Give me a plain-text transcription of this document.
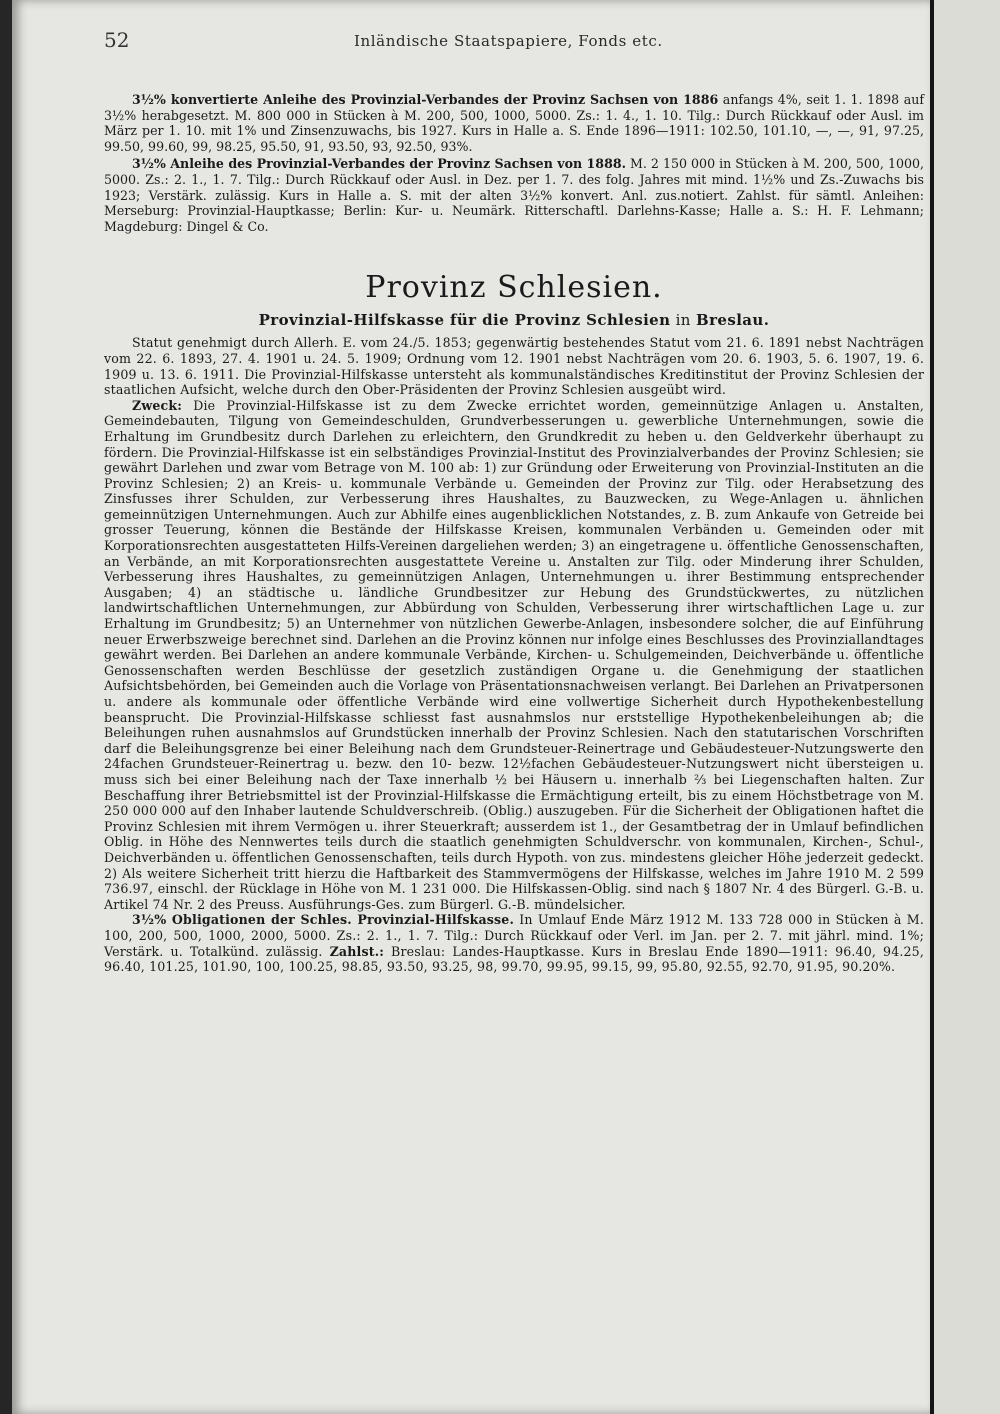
52	Inländische Staatspapiere, Fonds etc.

3½% konvertierte Anleihe des Provinzial-Verbandes der Provinz Sachsen von 1886 anfangs 4%, seit 1. 1. 1898 auf 3½% herabgesetzt. M. 800 000 in Stücken à M. 200, 500, 1000, 5000. Zs.: 1. 4., 1. 10. Tilg.: Durch Rückkauf oder Ausl. im März per 1. 10. mit 1% und Zinsenzuwachs, bis 1927. Kurs in Halle a. S. Ende 1896—1911: 102.50, 101.10, —, —, 91, 97.25, 99.50, 99.60, 99, 98.25, 95.50, 91, 93.50, 93, 92.50, 93%.

3½% Anleihe des Provinzial-Verbandes der Provinz Sachsen von 1888. M. 2 150 000 in Stücken à M. 200, 500, 1000, 5000. Zs.: 2. 1., 1. 7. Tilg.: Durch Rückkauf oder Ausl. in Dez. per 1. 7. des folg. Jahres mit mind. 1½% und Zs.-Zuwachs bis 1923; Verstärk. zulässig. Kurs in Halle a. S. mit der alten 3½% konvert. Anl. zus.notiert. Zahlst. für sämtl. Anleihen: Merseburg: Provinzial-Hauptkasse; Berlin: Kur- u. Neumärk. Ritterschaftl. Darlehns-Kasse; Halle a. S.: H. F. Lehmann; Magdeburg: Dingel & Co.

Provinz Schlesien.
Provinzial-Hilfskasse für die Provinz Schlesien in Breslau.

Statut genehmigt durch Allerh. E. vom 24./5. 1853; gegenwärtig bestehendes Statut vom 21. 6. 1891 nebst Nachträgen vom 22. 6. 1893, 27. 4. 1901 u. 24. 5. 1909; Ordnung vom 12. 1901 nebst Nachträgen vom 20. 6. 1903, 5. 6. 1907, 19. 6. 1909 u. 13. 6. 1911. Die Provinzial-Hilfskasse untersteht als kommunalständisches Kreditinstitut der Provinz Schlesien der staatlichen Aufsicht, welche durch den Ober-Präsidenten der Provinz Schlesien ausgeübt wird.

Zweck: Die Provinzial-Hilfskasse ist zu dem Zwecke errichtet worden, gemeinnützige Anlagen u. Anstalten, Gemeindebauten, Tilgung von Gemeindeschulden, Grundverbesserungen u. gewerbliche Unternehmungen, sowie die Erhaltung im Grundbesitz durch Darlehen zu erleichtern, den Grundkredit zu heben u. den Geldverkehr überhaupt zu fördern. Die Provinzial-Hilfskasse ist ein selbständiges Provinzial-Institut des Provinzialverbandes der Provinz Schlesien; sie gewährt Darlehen und zwar vom Betrage von M. 100 ab: 1) zur Gründung oder Erweiterung von Provinzial-Instituten an die Provinz Schlesien; 2) an Kreis- u. kommunale Verbände u. Gemeinden der Provinz zur Tilg. oder Herabsetzung des Zinsfusses ihrer Schulden, zur Verbesserung ihres Haushaltes, zu Bauzwecken, zu Wege-Anlagen u. ähnlichen gemeinnützigen Unternehmungen. Auch zur Abhilfe eines augenblicklichen Notstandes, z. B. zum Ankaufe von Getreide bei grosser Teuerung, können die Bestände der Hilfskasse Kreisen, kommunalen Verbänden u. Gemeinden oder mit Korporationsrechten ausgestatteten Hilfs-Vereinen dargeliehen werden; 3) an eingetragene u. öffentliche Genossenschaften, an Verbände, an mit Korporationsrechten ausgestattete Vereine u. Anstalten zur Tilg. oder Minderung ihrer Schulden, Verbesserung ihres Haushaltes, zu gemeinnützigen Anlagen, Unternehmungen u. ihrer Bestimmung entsprechender Ausgaben; 4) an städtische u. ländliche Grundbesitzer zur Hebung des Grundstückwertes, zu nützlichen landwirtschaftlichen Unternehmungen, zur Abbürdung von Schulden, Verbesserung ihrer wirtschaftlichen Lage u. zur Erhaltung im Grundbesitz; 5) an Unternehmer von nützlichen Gewerbe-Anlagen, insbesondere solcher, die auf Einführung neuer Erwerbszweige berechnet sind. Darlehen an die Provinz können nur infolge eines Beschlusses des Provinziallandtages gewährt werden. Bei Darlehen an andere kommunale Verbände, Kirchen- u. Schulgemeinden, Deichverbände u. öffentliche Genossenschaften werden Beschlüsse der gesetzlich zuständigen Organe u. die Genehmigung der staatlichen Aufsichtsbehörden, bei Gemeinden auch die Vorlage von Präsentationsnachweisen verlangt. Bei Darlehen an Privatpersonen u. andere als kommunale oder öffentliche Verbände wird eine vollwertige Sicherheit durch Hypothekenbestellung beansprucht. Die Provinzial-Hilfskasse schliesst fast ausnahmslos nur erststellige Hypothekenbeleihungen ab; die Beleihungen ruhen ausnahmslos auf Grundstücken innerhalb der Provinz Schlesien. Nach den statutarischen Vorschriften darf die Beleihungsgrenze bei einer Beleihung nach dem Grundsteuer-Reinertrage und Gebäudesteuer-Nutzungswerte den 24fachen Grundsteuer-Reinertrag u. bezw. den 10- bezw. 12½fachen Gebäudesteuer-Nutzungswert nicht übersteigen u. muss sich bei einer Beleihung nach der Taxe innerhalb ½ bei Häusern u. innerhalb ⅔ bei Liegenschaften halten. Zur Beschaffung ihrer Betriebsmittel ist der Provinzial-Hilfskasse die Ermächtigung erteilt, bis zu einem Höchstbetrage von M. 250 000 000 auf den Inhaber lautende Schuldverschreib. (Oblig.) auszugeben. Für die Sicherheit der Obligationen haftet die Provinz Schlesien mit ihrem Vermögen u. ihrer Steuerkraft; ausserdem ist 1., der Gesamtbetrag der in Umlauf befindlichen Oblig. in Höhe des Nennwertes teils durch die staatlich genehmigten Schuldverschr. von kommunalen, Kirchen-, Schul-, Deichverbänden u. öffentlichen Genossenschaften, teils durch Hypoth. von zus. mindestens gleicher Höhe jederzeit gedeckt. 2) Als weitere Sicherheit tritt hierzu die Haftbarkeit des Stammvermögens der Hilfskasse, welches im Jahre 1910 M. 2 599 736.97, einschl. der Rücklage in Höhe von M. 1 231 000. Die Hilfskassen-Oblig. sind nach § 1807 Nr. 4 des Bürgerl. G.-B. u. Artikel 74 Nr. 2 des Preuss. Ausführungs-Ges. zum Bürgerl. G.-B. mündelsicher.

3½% Obligationen der Schles. Provinzial-Hilfskasse. In Umlauf Ende März 1912 M. 133 728 000 in Stücken à M. 100, 200, 500, 1000, 2000, 5000. Zs.: 2. 1., 1. 7. Tilg.: Durch Rückkauf oder Verl. im Jan. per 2. 7. mit jährl. mind. 1%; Verstärk. u. Totalkünd. zulässig. Zahlst.: Breslau: Landes-Hauptkasse. Kurs in Breslau Ende 1890—1911: 96.40, 94.25, 96.40, 101.25, 101.90, 100, 100.25, 98.85, 93.50, 93.25, 98, 99.70, 99.95, 99.15, 99, 95.80, 92.55, 92.70, 91.95, 90.20%.
